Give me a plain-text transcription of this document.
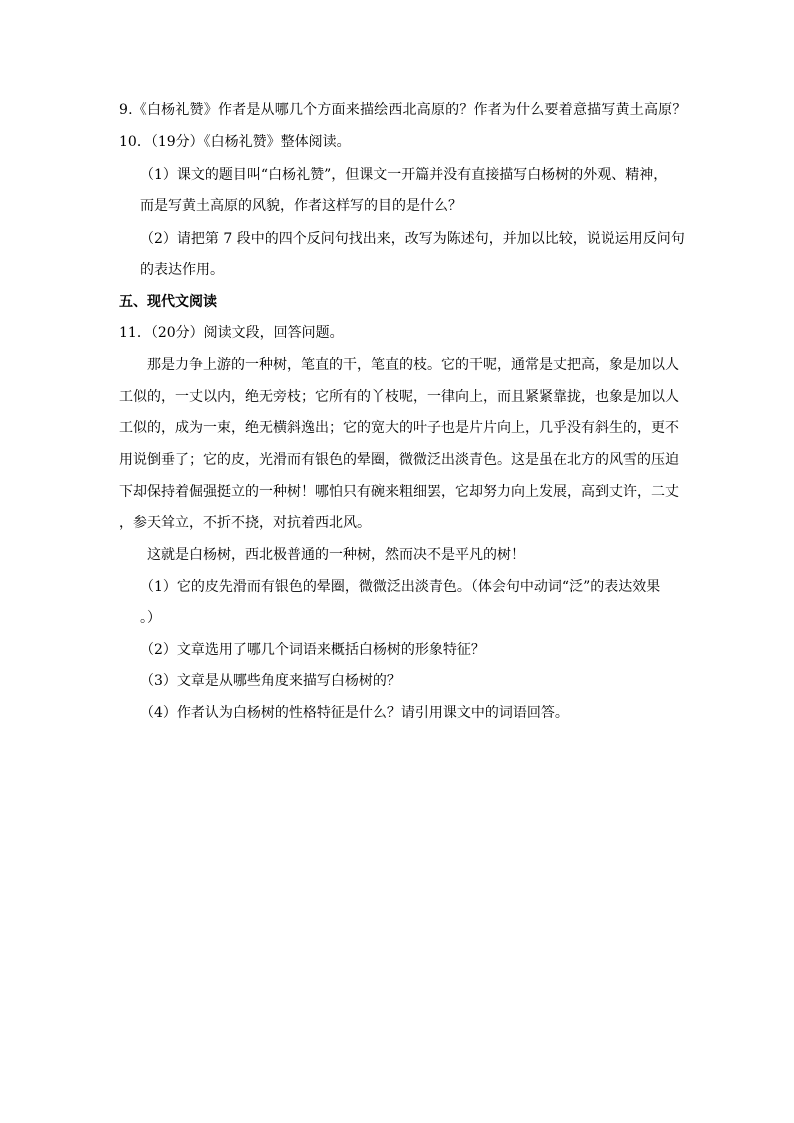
9.《白杨礼赞》作者是从哪几个方面来描绘西北高原的？作者为什么要着意描写黄土高原？
10．（19分）《白杨礼赞》整体阅读。
（1）课文的题目叫“白杨礼赞”，但课文一开篇并没有直接描写白杨树的外观、精神，
而是写黄土高原的风貌，作者这样写的目的是什么？
（2）请把第 7 段中的四个反问句找出来，改写为陈述句，并加以比较，说说运用反问句
的表达作用。
五、现代文阅读
11．（20分）阅读文段，回答问题。
那是力争上游的一种树，笔直的干，笔直的枝。它的干呢，通常是丈把高，象是加以人
工似的，一丈以内，绝无旁枝；它所有的丫枝呢，一律向上，而且紧紧靠拢，也象是加以人
工似的，成为一束，绝无横斜逸出；它的宽大的叶子也是片片向上，几乎没有斜生的，更不
用说倒垂了；它的皮，光滑而有银色的晕圈，微微泛出淡青色。这是虽在北方的风雪的压迫
下却保持着倔强挺立的一种树！哪怕只有碗来粗细罢，它却努力向上发展，高到丈许，二丈
，参天耸立，不折不挠，对抗着西北风。
这就是白杨树，西北极普通的一种树，然而决不是平凡的树！
（1）它的皮先滑而有银色的晕圈，微微泛出淡青色。（体会句中动词“泛”的表达效果
。）
（2）文章选用了哪几个词语来概括白杨树的形象特征？
（3）文章是从哪些角度来描写白杨树的？
（4）作者认为白杨树的性格特征是什么？请引用课文中的词语回答。
